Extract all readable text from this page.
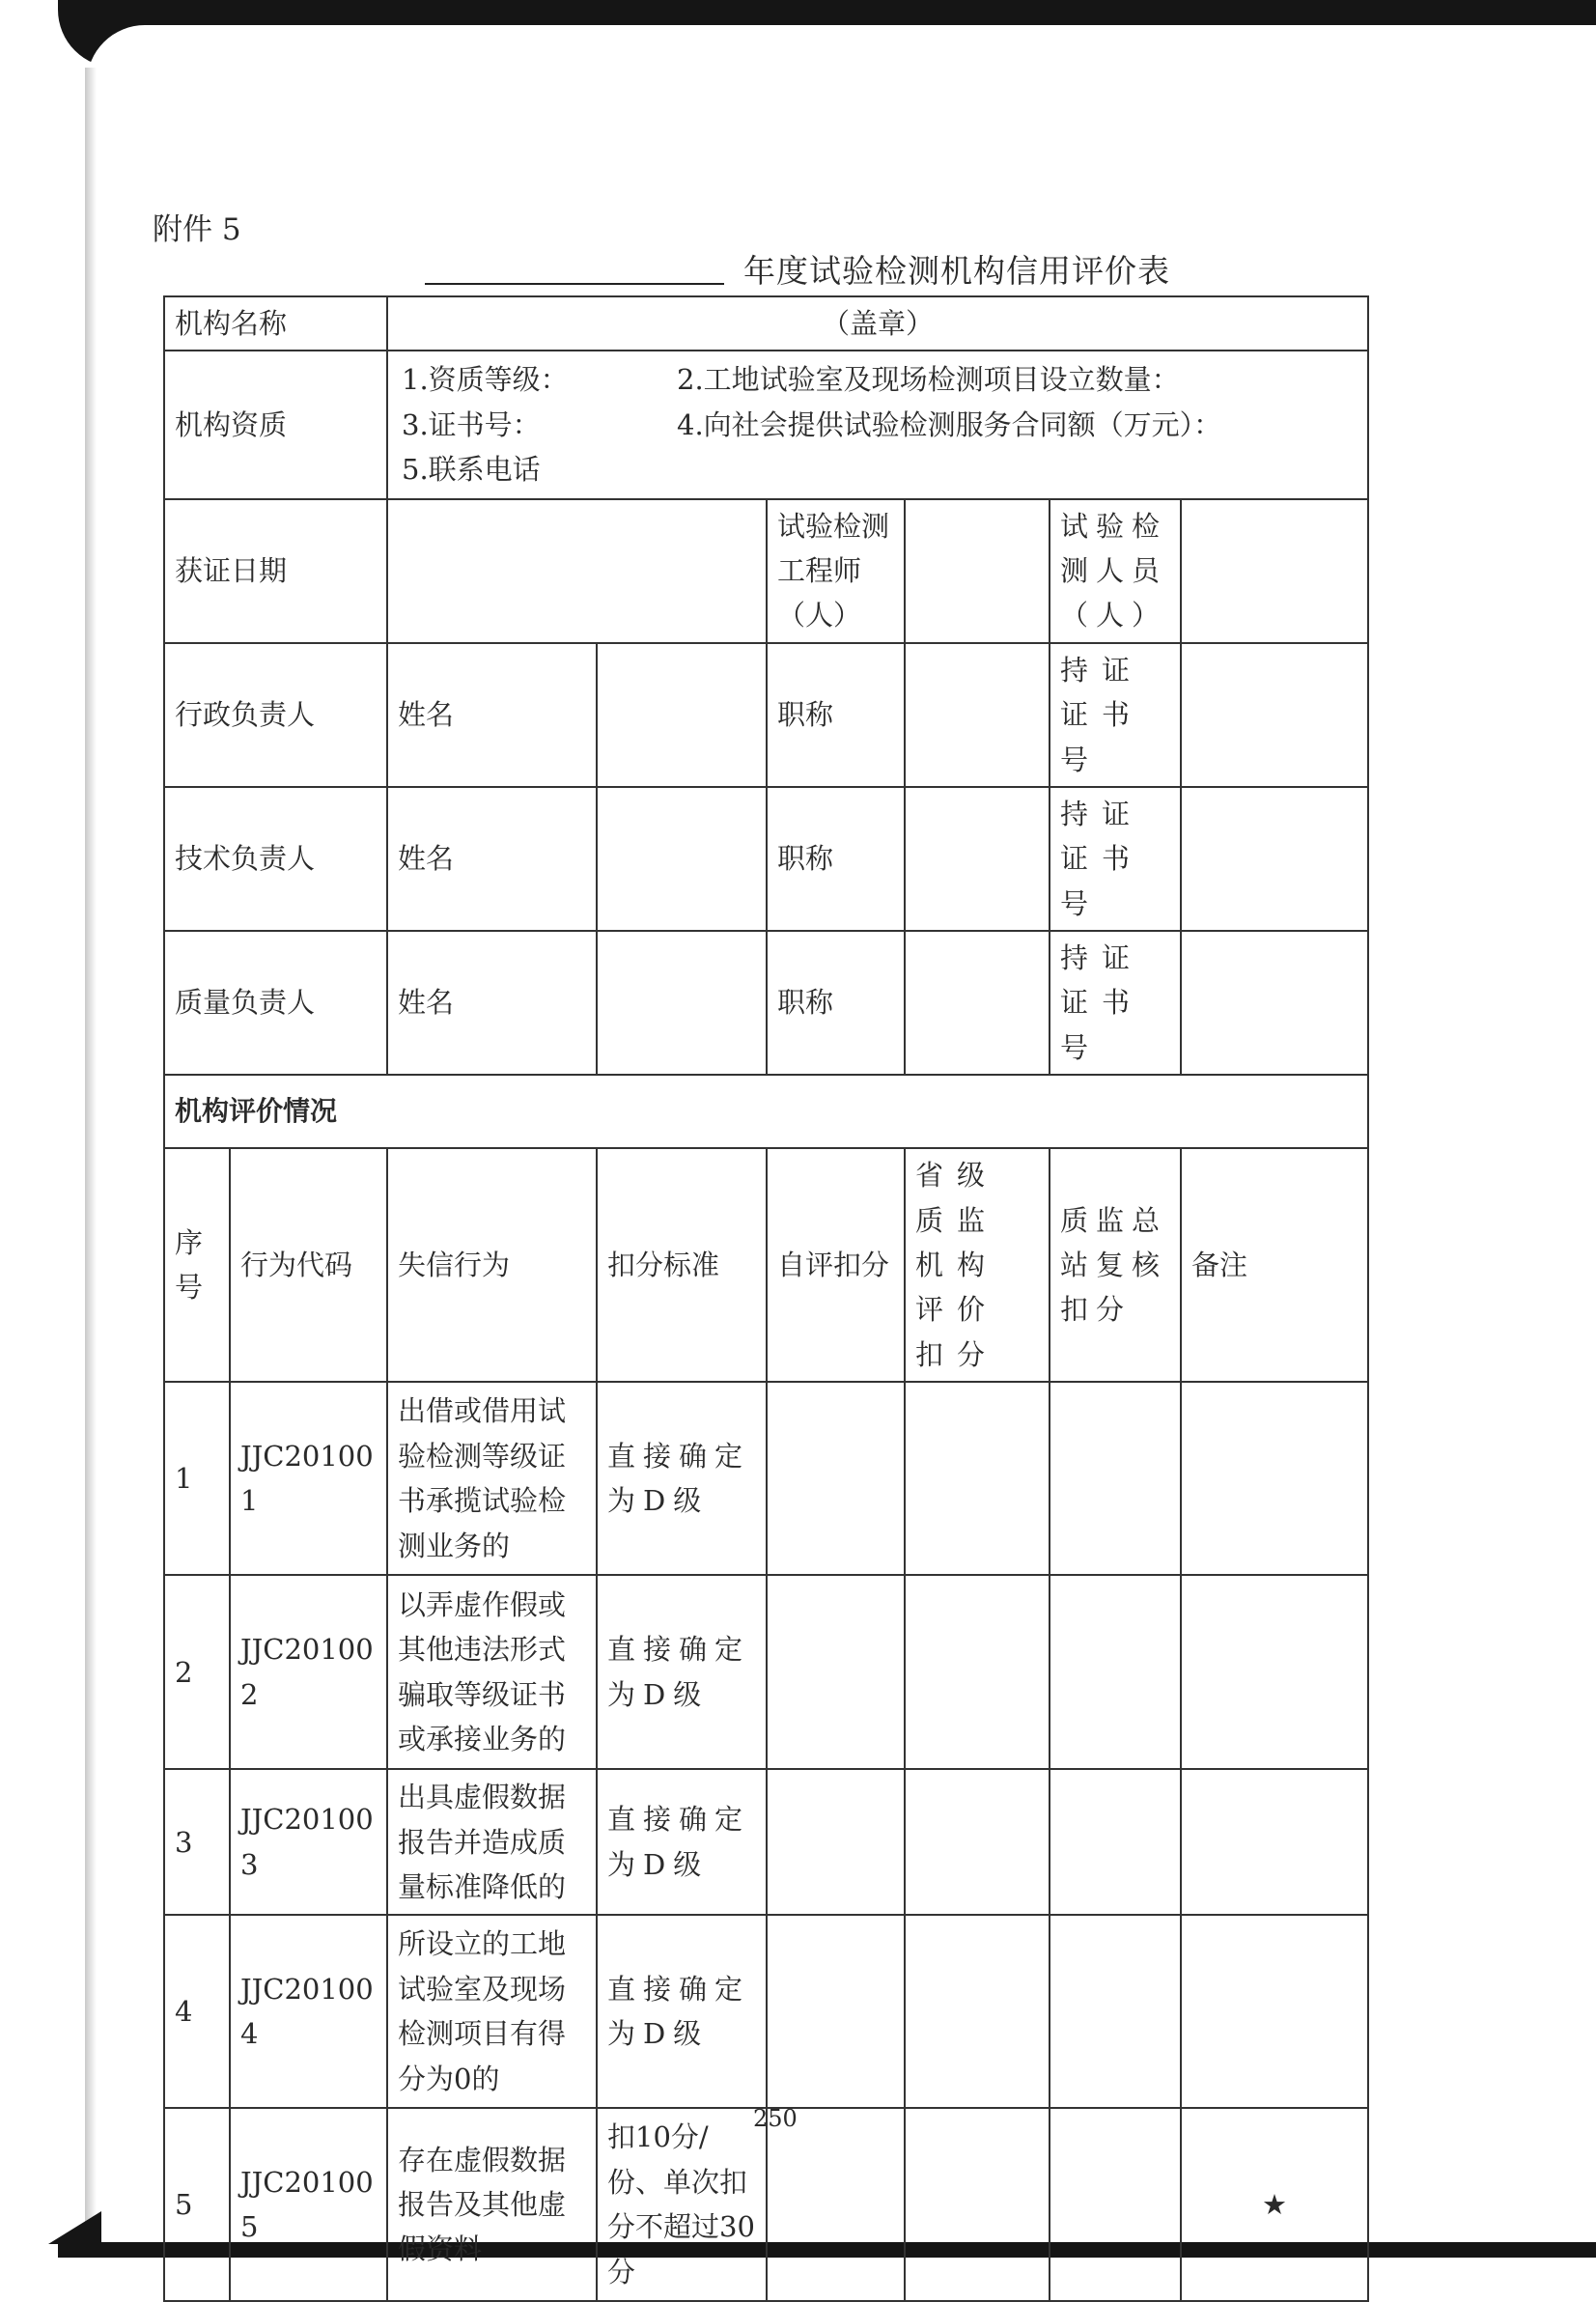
附件 5
年度试验检测机构信用评价表
机构名称		（盖章）					
机构资质		1.资质等级： 2.工地试验室及现场检测项目设立数量：
3.证书号： 4.向社会提供试验检测服务合同额（万元）：
5.联系电话					

获证日期				试验检测工程师（人）		试验检测人员（人）	
行政负责人		姓名		职称		持证证书号	
技术负责人		姓名		职称		持证证书号	
质量负责人		姓名		职称		持证证书号	
机构评价情况							
序号	行为代码	失信行为	扣分标准	自评扣分	省级质监机构评价扣分	质监总站复核扣分	备注
1	JJC201001	出借或借用试验检测等级证书承揽试验检测业务的	直接确定为D级				
2	JJC201002	以弄虚作假或其他违法形式骗取等级证书或承接业务的	直接确定为D级				
3	JJC201003	出具虚假数据报告并造成质量标准降低的	直接确定为D级				
4	JJC201004	所设立的工地试验室及现场检测项目有得分为0的	直接确定为D级				
5	JJC201005	存在虚假数据报告及其他虚假资料	扣10分/份、单次扣分不超过30分				★
250
